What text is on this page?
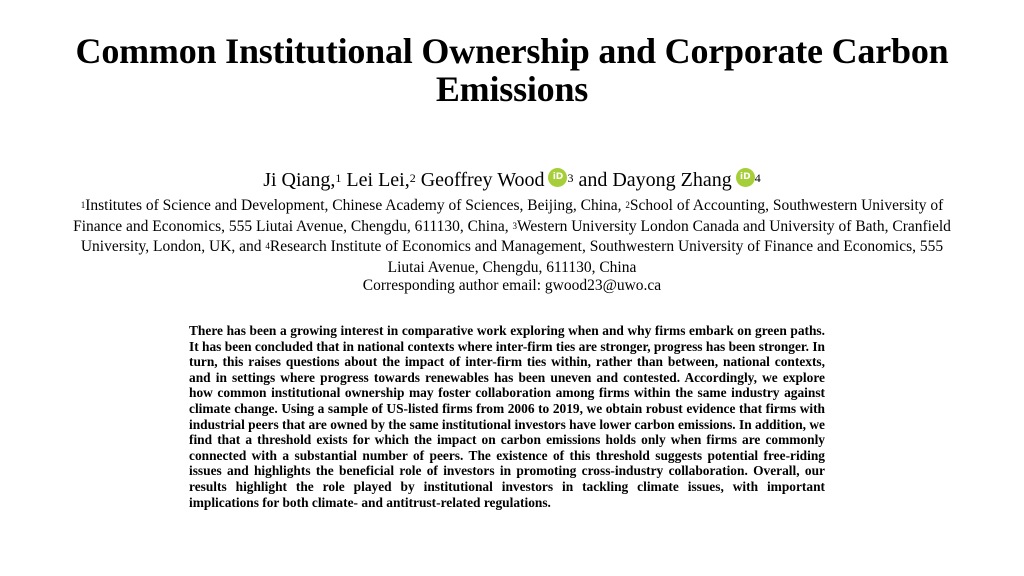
Common Institutional Ownership and Corporate Carbon Emissions
Ji Qiang,$^1$ Lei Lei,$^2$ Geoffrey Wood iD $^3$ and Dayong Zhang iD $^4$
$^1$Institutes of Science and Development, Chinese Academy of Sciences, Beijing, China, $^2$School of Accounting, Southwestern University of Finance and Economics, 555 Liutai Avenue, Chengdu, 611130, China, $^3$Western University London Canada and University of Bath, Cranfield University, London, UK, and $^4$Research Institute of Economics and Management, Southwestern University of Finance and Economics, 555 Liutai Avenue, Chengdu, 611130, China
Corresponding author email: gwood23@uwo.ca
There has been a growing interest in comparative work exploring when and why firms embark on green paths. It has been concluded that in national contexts where inter-firm ties are stronger, progress has been stronger. In turn, this raises questions about the impact of inter-firm ties within, rather than between, national contexts, and in settings where progress towards renewables has been uneven and contested. Accordingly, we explore how common institutional ownership may foster collaboration among firms within the same industry against climate change. Using a sample of US-listed firms from 2006 to 2019, we obtain robust evidence that firms with industrial peers that are owned by the same institutional investors have lower carbon emissions. In addition, we find that a threshold exists for which the impact on carbon emissions holds only when firms are commonly connected with a substantial number of peers. The existence of this threshold suggests potential free-riding issues and highlights the beneficial role of investors in promoting cross-industry collaboration. Overall, our results highlight the role played by institutional investors in tackling climate issues, with important implications for both climate- and antitrust-related regulations.
